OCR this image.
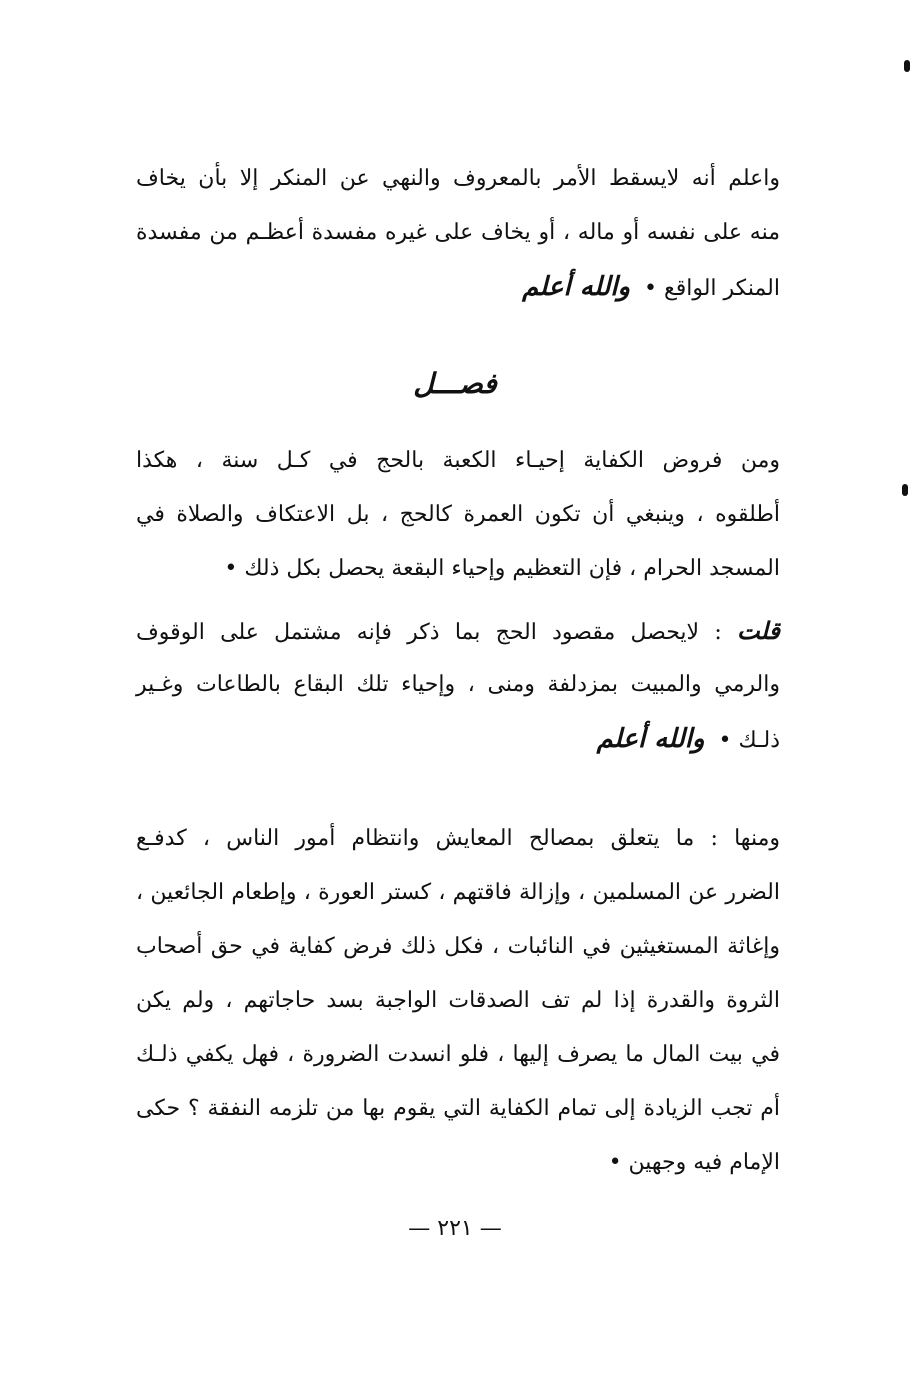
واعلم أنه لايسقط الأمر بالمعروف والنهي عن المنكر إلا بأن يخاف
منه على نفسه أو ماله ، أو يخاف على غيره مفسدة أعظـم من مفسدة
المنكر الواقع •والله أعلم
فصـــل
ومن فروض الكفاية إحيـاء الكعبة بالحج في كـل سنة ، هكذا
أطلقوه ، وينبغي أن تكون العمرة كالحج ، بل الاعتكاف والصلاة في
المسجد الحرام ، فإن التعظيم وإحياء البقعة يحصل بكل ذلك •
قلت : لايحصل مقصود الحج بما ذكر فإنه مشتمل على الوقوف
والرمي والمبيت بمزدلفة ومنى ، وإحياء تلك البقاع بالطاعات وغـير
ذلـك •والله أعلم
ومنها : ما يتعلق بمصالح المعايش وانتظام أمور الناس ، كدفـع
الضرر عن المسلمين ، وإزالة فاقتهم ، كستر العورة ، وإطعام الجائعين ،
وإغاثة المستغيثين في النائبات ، فكل ذلك فرض كفاية في حق أصحاب
الثروة والقدرة إذا لم تف الصدقات الواجبة بسد حاجاتهم ، ولم يكن
في بيت المال ما يصرف إليها ، فلو انسدت الضرورة ، فهل يكفي ذلـك
أم تجب الزيادة إلى تمام الكفاية التي يقوم بها من تلزمه النفقة ؟ حكى
الإمام فيه وجهين •
— ٢٢١ —
